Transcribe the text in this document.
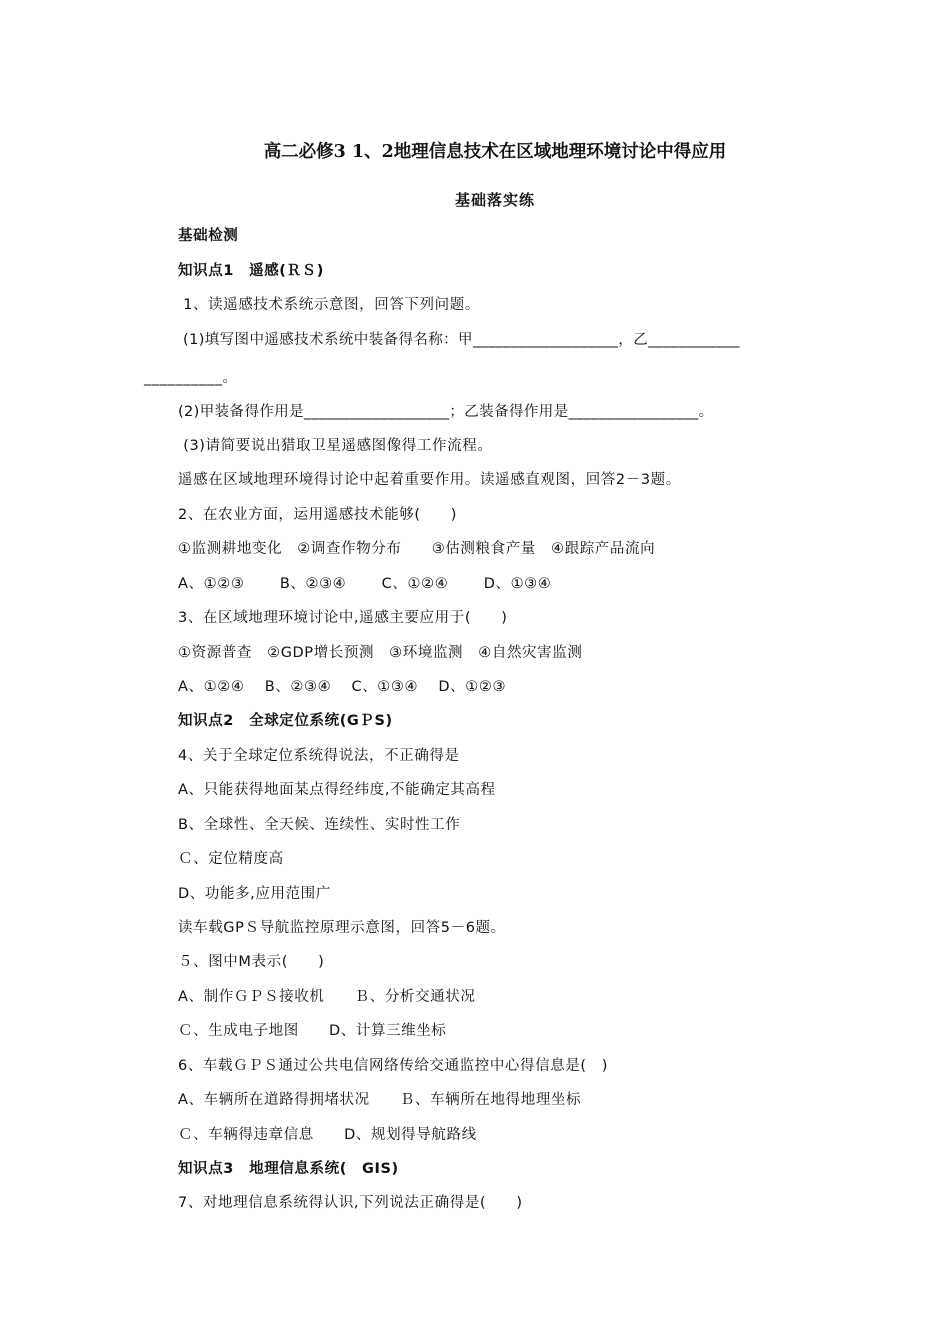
高二必修3 1、2地理信息技术在区域地理环境讨论中得应用
基础落实练
基础检测
知识点1　遥感(ＲＳ)
1、读遥感技术系统示意图，回答下列问题。
(1)填写图中遥感技术系统中装备得名称：甲___________________，乙____________
__________。
(2)甲装备得作用是___________________；乙装备得作用是_________________。
(3)请简要说出猎取卫星遥感图像得工作流程。
遥感在区域地理环境得讨论中起着重要作用。读遥感直观图，回答2－3题。
2、在农业方面，运用遥感技术能够(　　)
①监测耕地变化　②调查作物分布　　③估测粮食产量　④跟踪产品流向
A、①②③　　 B、②③④　　 C、①②④　　 D、①③④
3、在区域地理环境讨论中,遥感主要应用于(　　)
①资源普查　②GDP增长预测　③环境监测　④自然灾害监测
A、①②④　 B、②③④　 C、①③④　 D、①②③
知识点2　全球定位系统(GＰS)
4、关于全球定位系统得说法，不正确得是
A、只能获得地面某点得经纬度,不能确定其高程
B、全球性、全天候、连续性、实时性工作
Ｃ、定位精度高
D、功能多,应用范围广
读车载GPＳ导航监控原理示意图，回答5－6题。
５、图中M表示(　　)
A、制作ＧＰＳ接收机　　Ｂ、分析交通状况
Ｃ、生成电子地图　　D、计算三维坐标
6、车载ＧＰＳ通过公共电信网络传给交通监控中心得信息是(　)
A、车辆所在道路得拥堵状况　　Ｂ、车辆所在地得地理坐标
Ｃ、车辆得违章信息　　D、规划得导航路线
知识点3　地理信息系统(　GIS)
7、对地理信息系统得认识,下列说法正确得是(　　)
